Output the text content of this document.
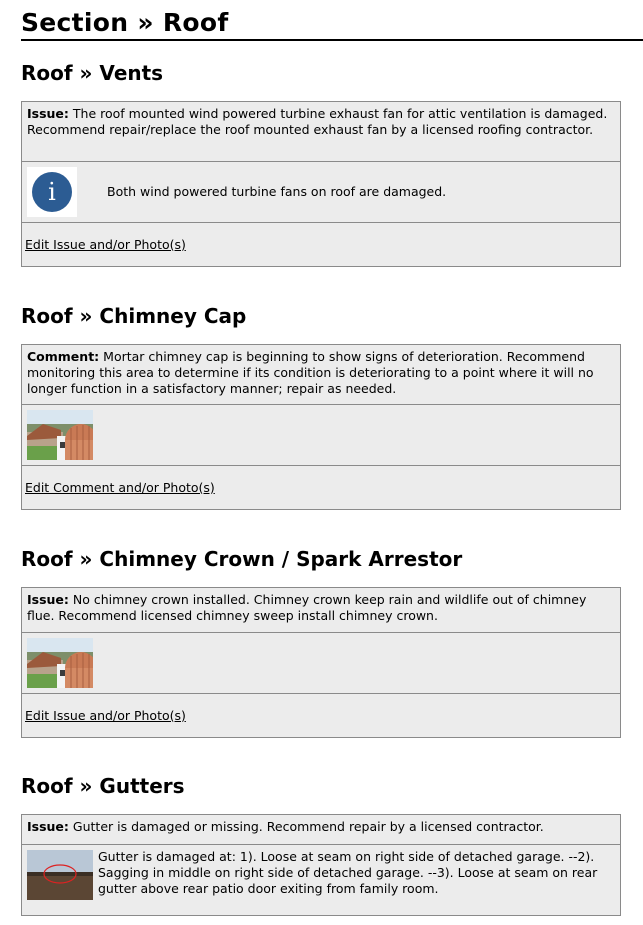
Section » Roof
Roof » Vents
Issue: The roof mounted wind powered turbine exhaust fan for attic ventilation is damaged. Recommend repair/replace the roof mounted exhaust fan by a licensed roofing contractor.
i	Both wind powered turbine fans on roof are damaged.
Edit Issue and/or Photo(s)
Roof » Chimney Cap
Comment: Mortar chimney cap is beginning to show signs of deterioration. Recommend monitoring this area to determine if its condition is deteriorating to a point where it will no longer function in a satisfactory manner; repair as needed.
Edit Comment and/or Photo(s)
Roof » Chimney Crown / Spark Arrestor
Issue: No chimney crown installed. Chimney crown keep rain and wildlife out of chimney flue. Recommend licensed chimney sweep install chimney crown.
Edit Issue and/or Photo(s)
Roof » Gutters
Issue: Gutter is damaged or missing. Recommend repair by a licensed contractor.
Gutter is damaged at: 1). Loose at seam on right side of detached garage. --2). Sagging in middle on right side of detached garage. --3). Loose at seam on rear gutter above rear patio door exiting from family room.
